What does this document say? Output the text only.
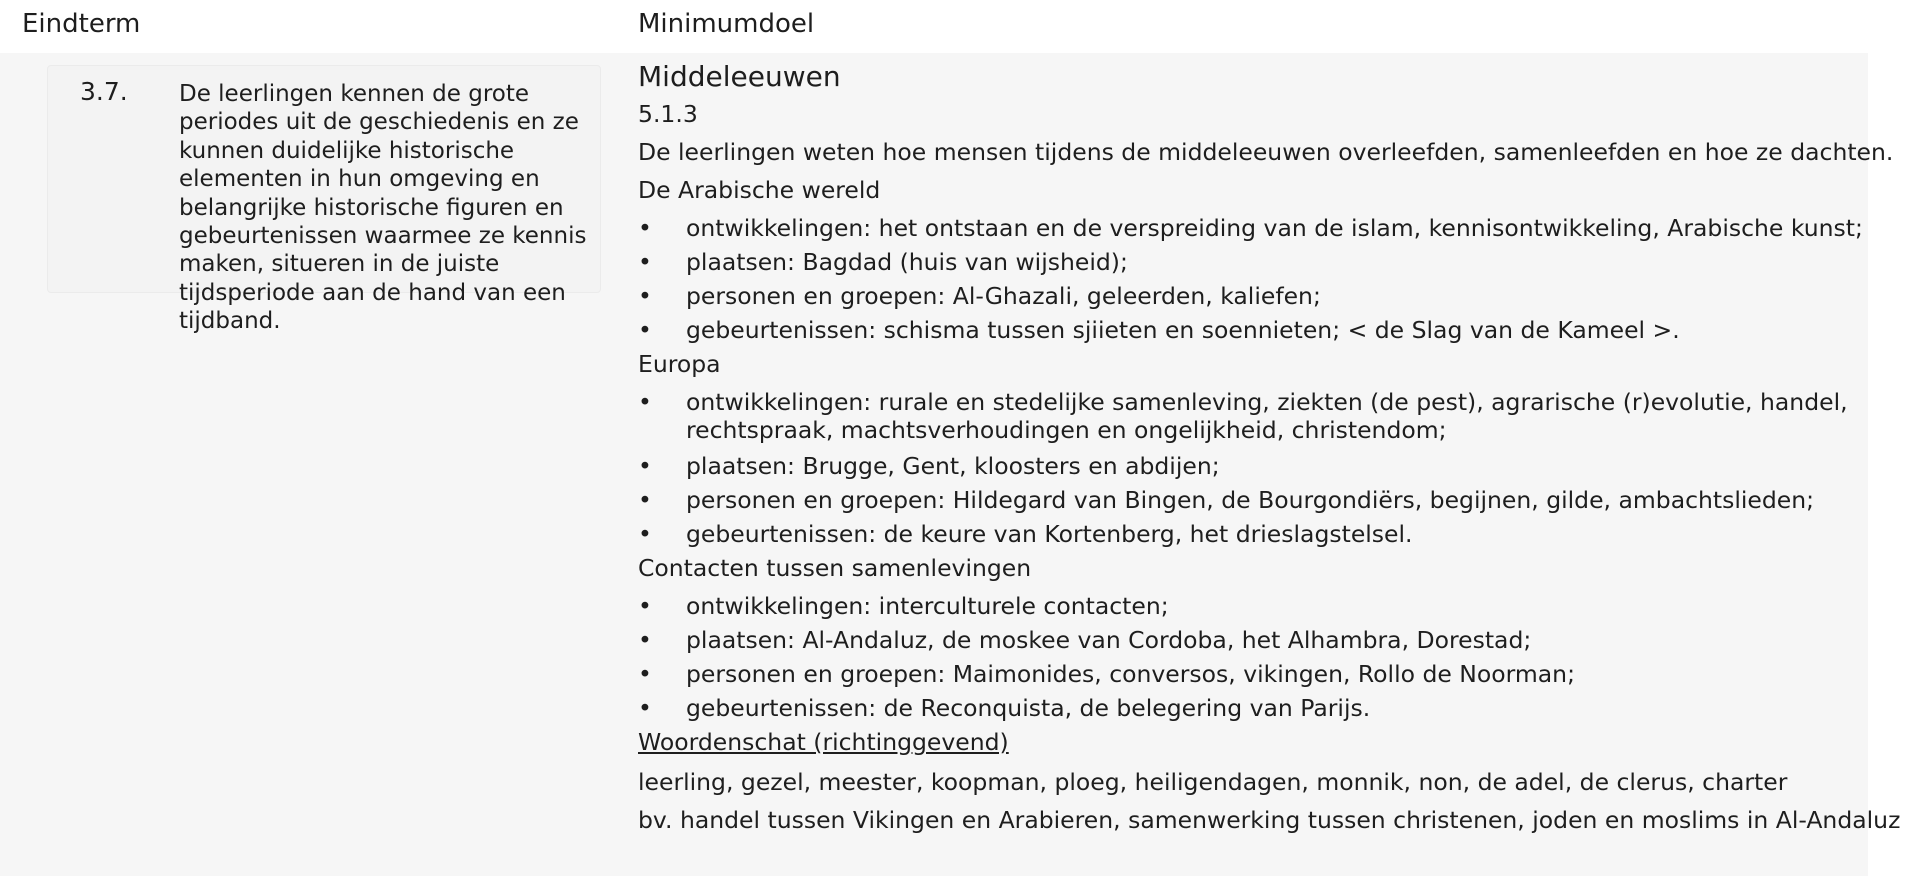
Eindterm	Minimumdoel
3.7. De leerlingen kennen de grote periodes uit de geschiedenis en ze kunnen duidelijke historische elementen in hun omgeving en belangrijke historische figuren en gebeurtenissen waarmee ze kennis maken, situeren in de juiste tijdsperiode aan de hand van een tijdband.

Middeleeuwen
5.1.3
De leerlingen weten hoe mensen tijdens de middeleeuwen overleefden, samenleefden en hoe ze dachten.
De Arabische wereld
• ontwikkelingen: het ontstaan en de verspreiding van de islam, kennisontwikkeling, Arabische kunst;
• plaatsen: Bagdad (huis van wijsheid);
• personen en groepen: Al-Ghazali, geleerden, kaliefen;
• gebeurtenissen: schisma tussen sjiieten en soennieten; < de Slag van de Kameel >.
Europa
• ontwikkelingen: rurale en stedelijke samenleving, ziekten (de pest), agrarische (r)evolutie, handel, rechtspraak, machtsverhoudingen en ongelijkheid, christendom;
• plaatsen: Brugge, Gent, kloosters en abdijen;
• personen en groepen: Hildegard van Bingen, de Bourgondiërs, begijnen, gilde, ambachtslieden;
• gebeurtenissen: de keure van Kortenberg, het drieslagstelsel.
Contacten tussen samenlevingen
• ontwikkelingen: interculturele contacten;
• plaatsen: Al-Andaluz, de moskee van Cordoba, het Alhambra, Dorestad;
• personen en groepen: Maimonides, conversos, vikingen, Rollo de Noorman;
• gebeurtenissen: de Reconquista, de belegering van Parijs.
Woordenschat (richtinggevend)
leerling, gezel, meester, koopman, ploeg, heiligendagen, monnik, non, de adel, de clerus, charter
bv. handel tussen Vikingen en Arabieren, samenwerking tussen christenen, joden en moslims in Al-Andaluz
